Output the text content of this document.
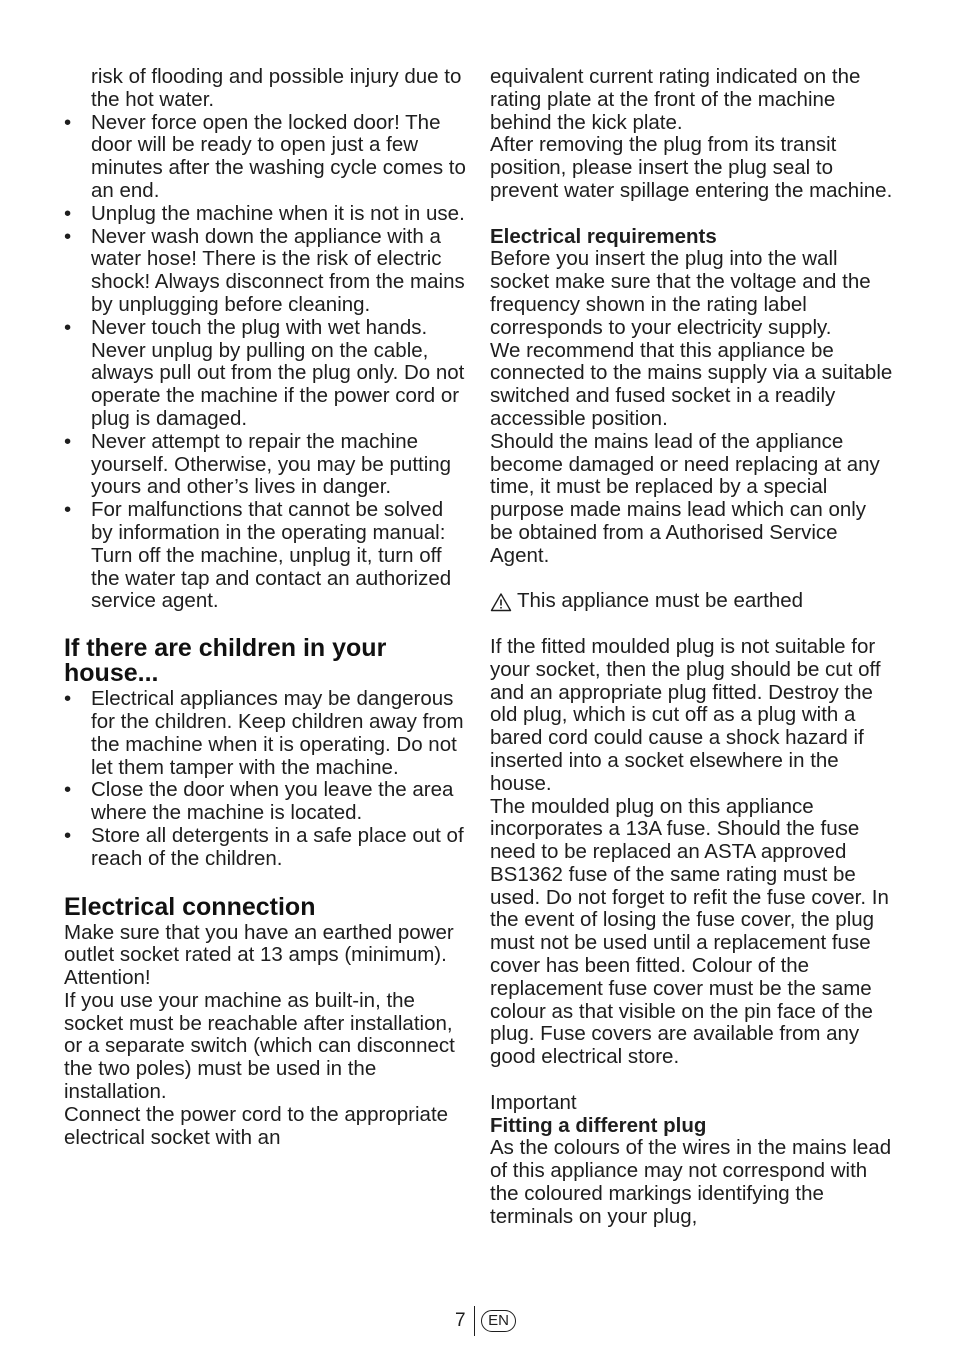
risk of flooding and possible injury due to the hot water.

• Never force open the locked door! The door will be ready to open just a few minutes after the washing cycle comes to an end.
• Unplug the machine when it is not in use.
• Never wash down the appliance with a water hose! There is the risk of electric shock! Always disconnect from the mains by unplugging before cleaning.
• Never touch the plug with wet hands. Never unplug by pulling on the cable, always pull out from the plug only. Do not operate the machine if the power cord or plug is damaged.
• Never attempt to repair the machine yourself. Otherwise, you may be putting yours and other’s lives in danger.
• For malfunctions that cannot be solved by information in the operating manual:

Turn off the machine, unplug it, turn off the water tap and contact an authorized service agent.

If there are children in your house...
• Electrical appliances may be dangerous for the children. Keep children away from the machine when it is operating. Do not let them tamper with the machine.
• Close the door when you leave the area where the machine is located.
• Store all detergents in a safe place out of reach of the children.
Electrical connection

Make sure that you have an earthed power outlet socket rated at 13 amps (minimum).

Attention!

If you use your machine as built-in, the socket must be reachable after installation, or a separate switch (which can disconnect the two poles) must be used in the installation.

Connect the power cord to the appropriate electrical socket with an

equivalent current rating indicated on the rating plate at the front of the machine behind the kick plate.

After removing the plug from its transit position, please insert the plug seal to prevent water spillage entering the machine.

Electrical requirements

Before you insert the plug into the wall socket make sure that the voltage and the frequency shown in the rating label corresponds to your electricity supply.

We recommend that this appliance be connected to the mains supply via a suitable switched and fused socket in a readily accessible position.

Should the mains lead of the appliance become damaged or need replacing at any time, it must be replaced by a special purpose made mains lead which can only be obtained from a Authorised Service Agent.

This appliance must be earthed

If the fitted moulded plug is not suitable for your socket, then the plug should be cut off and an appropriate plug fitted. Destroy the old plug, which is cut off as a plug with a bared cord could cause a shock hazard if inserted into a socket elsewhere in the house.

The moulded plug on this appliance incorporates a 13A fuse. Should the fuse need to be replaced an ASTA approved BS1362 fuse of the same rating must be used. Do not forget to refit the fuse cover. In the event of losing the fuse cover, the plug must not be used until a replacement fuse cover has been fitted. Colour of the replacement fuse cover must be the same colour as that visible on the pin face of the plug. Fuse covers are available from any good electrical store.

Important

Fitting a different plug

As the colours of the wires in the mains lead of this appliance may not correspond with the coloured markings identifying the terminals on your plug,

7	EN
